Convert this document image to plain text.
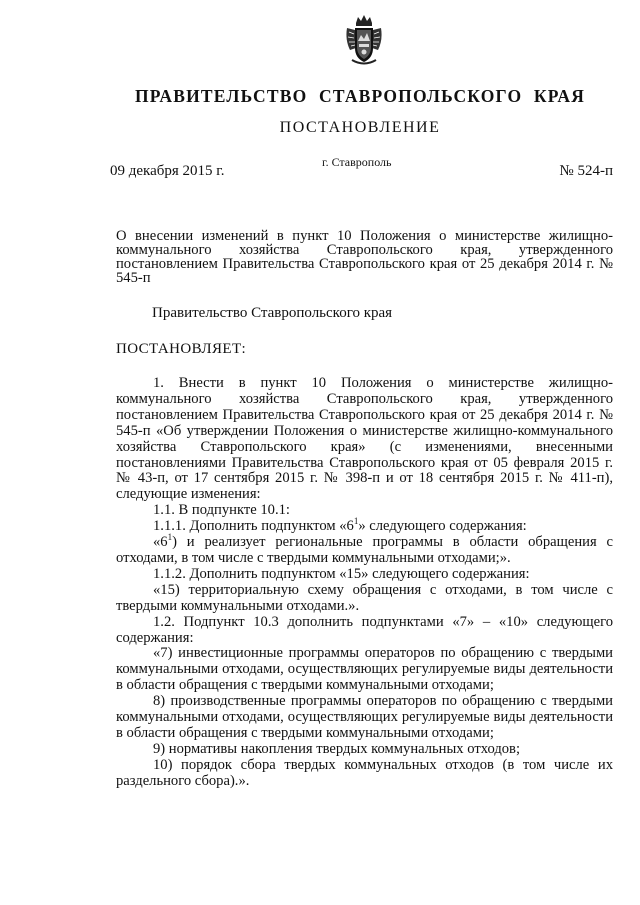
ПРАВИТЕЛЬСТВО СТАВРОПОЛЬСКОГО КРАЯ
ПОСТАНОВЛЕНИЕ
09 декабря 2015 г.
г. Ставрополь
№ 524-п
О внесении изменений в пункт 10 Положения о министерстве жилищно-коммунального хозяйства Ставропольского края, утвержденного постановлением Правительства Ставропольского края от 25 декабря 2014 г. № 545-п
Правительство Ставропольского края
ПОСТАНОВЛЯЕТ:

1. Внести в пункт 10 Положения о министерстве жилищно-коммунального хозяйства Ставропольского края, утвержденного постановлением Правительства Ставропольского края от 25 декабря 2014 г. № 545-п «Об утверждении Положения о министерстве жилищно-коммунального хозяйства Ставропольского края» (с изменениями, внесенными постановлениями Правительства Ставропольского края от 05 февраля 2015 г. № 43-п, от 17 сентября 2015 г. № 398-п и от 18 сентября 2015 г. № 411-п), следующие изменения:

1.1. В подпункте 10.1:

1.1.1. Дополнить подпунктом «$6^1$» следующего содержания:

«$6^1$) и реализует региональные программы в области обращения с отходами, в том числе с твердыми коммунальными отходами;».

1.1.2. Дополнить подпунктом «15» следующего содержания:

«15) территориальную схему обращения с отходами, в том числе с твердыми коммунальными отходами.».

1.2. Подпункт 10.3 дополнить подпунктами «7» – «10» следующего содержания:

«7) инвестиционные программы операторов по обращению с твердыми коммунальными отходами, осуществляющих регулируемые виды деятельности в области обращения с твердыми коммунальными отходами;

8) производственные программы операторов по обращению с твердыми коммунальными отходами, осуществляющих регулируемые виды деятельности в области обращения с твердыми коммунальными отходами;

9) нормативы накопления твердых коммунальных отходов;

10) порядок сбора твердых коммунальных отходов (в том числе их раздельного сбора).».
